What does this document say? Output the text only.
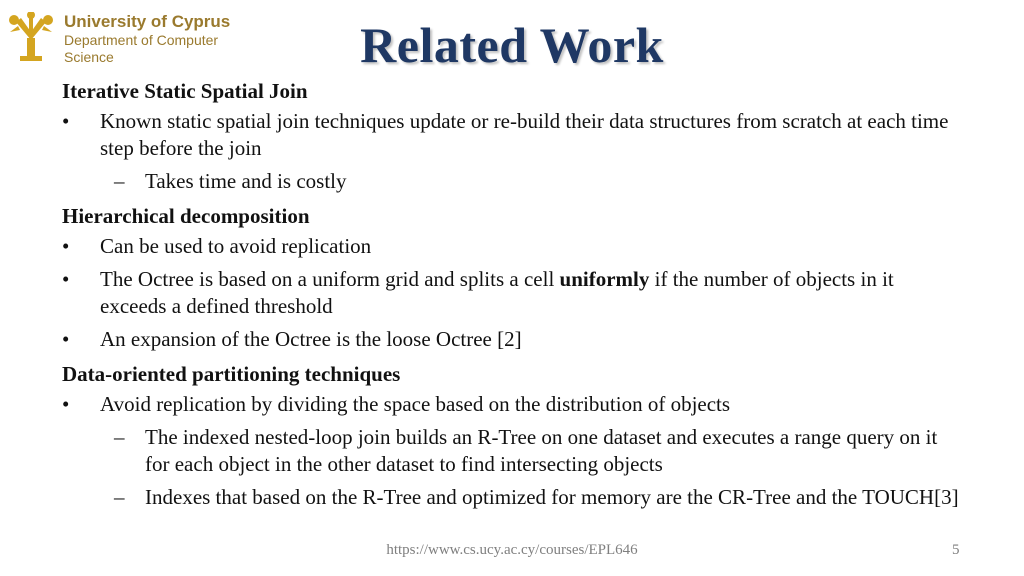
University of Cyprus
Department of Computer
Science	Related Work
Iterative Static Spatial Join
• Known static spatial join techniques update or re-build their data structures from scratch at each time step before the join
– Takes time and is costly
Hierarchical decomposition
• Can be used to avoid replication
• The Octree is based on a uniform grid and splits a cell uniformly if the number of objects in it exceeds a defined threshold
• An expansion of the Octree is the loose Octree [2]
Data-oriented partitioning techniques
• Avoid replication by dividing the space based on the distribution of objects
– The indexed nested-loop join builds an R-Tree on one dataset and executes a range query on it for each object in the other dataset to find intersecting objects
– Indexes that based on the R-Tree and optimized for memory are the CR-Tree and the TOUCH[3]
https://www.cs.ucy.ac.cy/courses/EPL646	5
